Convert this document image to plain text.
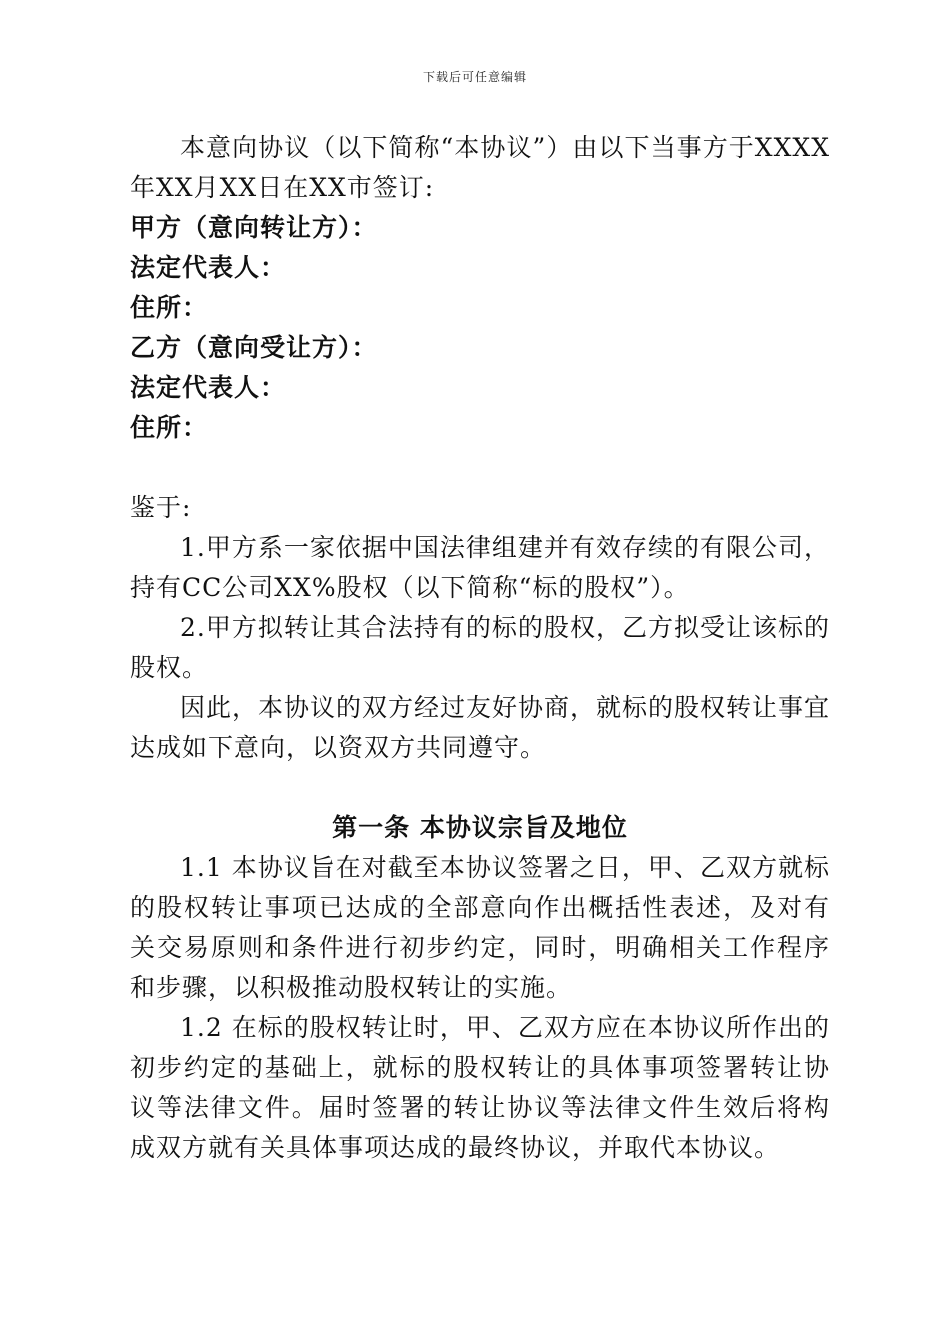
下载后可任意编辑

本意向协议（以下简称“本协议”）由以下当事方于XXXX年XX月XX日在XX市签订:

甲方（意向转让方）：

法定代表人：

住所：

乙方（意向受让方）：

法定代表人：

住所：

鉴于:

1.甲方系一家依据中国法律组建并有效存续的有限公司，持有CC公司XX%股权（以下简称“标的股权”）。

2.甲方拟转让其合法持有的标的股权，乙方拟受让该标的股权。

因此，本协议的双方经过友好协商，就标的股权转让事宜达成如下意向，以资双方共同遵守。

第一条 本协议宗旨及地位

1.1 本协议旨在对截至本协议签署之日，甲、乙双方就标的股权转让事项已达成的全部意向作出概括性表述，及对有关交易原则和条件进行初步约定，同时，明确相关工作程序和步骤，以积极推动股权转让的实施。

1.2 在标的股权转让时，甲、乙双方应在本协议所作出的初步约定的基础上，就标的股权转让的具体事项签署转让协议等法律文件。届时签署的转让协议等法律文件生效后将构成双方就有关具体事项达成的最终协议，并取代本协议。
